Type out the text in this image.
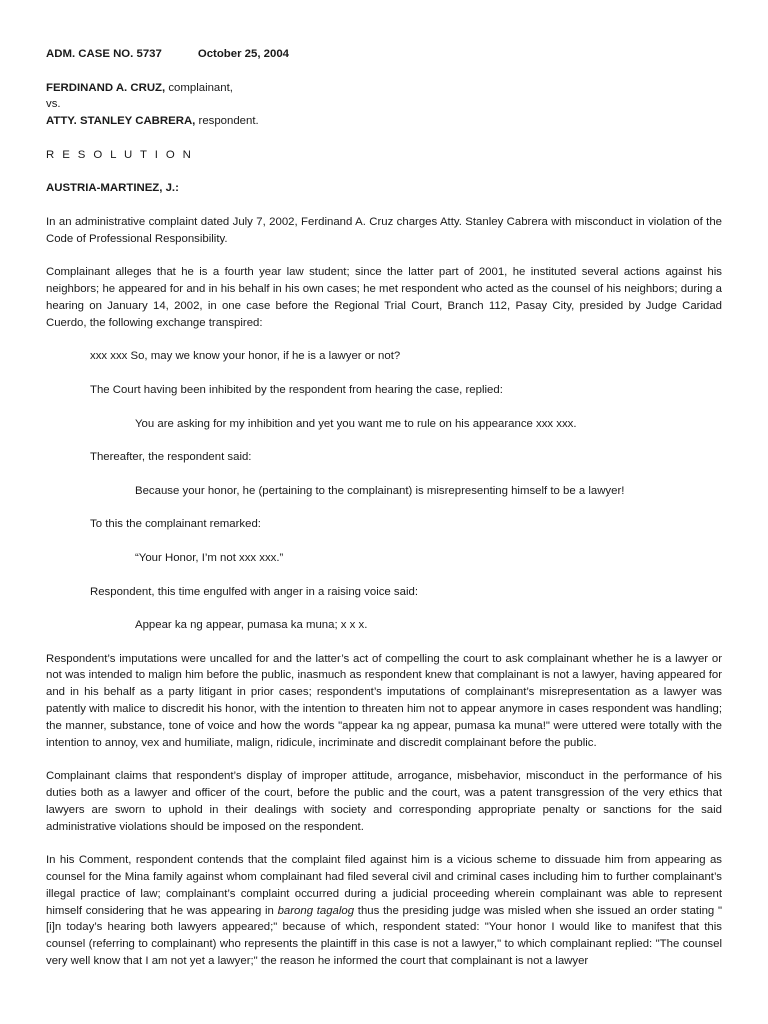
ADM. CASE NO. 5737	October 25, 2004

FERDINAND A. CRUZ, complainant,

vs.

ATTY. STANLEY CABRERA, respondent.

R E S O L U T I O N

AUSTRIA-MARTINEZ, J.:

In an administrative complaint dated July 7, 2002, Ferdinand A. Cruz charges Atty. Stanley Cabrera with misconduct in violation of the Code of Professional Responsibility.

Complainant alleges that he is a fourth year law student; since the latter part of 2001, he instituted several actions against his neighbors; he appeared for and in his behalf in his own cases; he met respondent who acted as the counsel of his neighbors; during a hearing on January 14, 2002, in one case before the Regional Trial Court, Branch 112, Pasay City, presided by Judge Caridad Cuerdo, the following exchange transpired:

xxx xxx So, may we know your honor, if he is a lawyer or not?

The Court having been inhibited by the respondent from hearing the case, replied:

You are asking for my inhibition and yet you want me to rule on his appearance xxx xxx.

Thereafter, the respondent said:

Because your honor, he (pertaining to the complainant) is misrepresenting himself to be a lawyer!

To this the complainant remarked:

“Your Honor, I’m not xxx xxx.”

Respondent, this time engulfed with anger in a raising voice said:

Appear ka ng appear, pumasa ka muna; x x x.

Respondent’s imputations were uncalled for and the latter’s act of compelling the court to ask complainant whether he is a lawyer or not was intended to malign him before the public, inasmuch as respondent knew that complainant is not a lawyer, having appeared for and in his behalf as a party litigant in prior cases; respondent’s imputations of complainant’s misrepresentation as a lawyer was patently with malice to discredit his honor, with the intention to threaten him not to appear anymore in cases respondent was handling; the manner, substance, tone of voice and how the words "appear ka ng appear, pumasa ka muna!" were uttered were totally with the intention to annoy, vex and humiliate, malign, ridicule, incriminate and discredit complainant before the public.

Complainant claims that respondent’s display of improper attitude, arrogance, misbehavior, misconduct in the performance of his duties both as a lawyer and officer of the court, before the public and the court, was a patent transgression of the very ethics that lawyers are sworn to uphold in their dealings with society and corresponding appropriate penalty or sanctions for the said administrative violations should be imposed on the respondent.

In his Comment, respondent contends that the complaint filed against him is a vicious scheme to dissuade him from appearing as counsel for the Mina family against whom complainant had filed several civil and criminal cases including him to further complainant’s illegal practice of law; complainant’s complaint occurred during a judicial proceeding wherein complainant was able to represent himself considering that he was appearing in barong tagalog thus the presiding judge was misled when she issued an order stating "[i]n today’s hearing both lawyers appeared;" because of which, respondent stated: "Your honor I would like to manifest that this counsel (referring to complainant) who represents the plaintiff in this case is not a lawyer," to which complainant replied: "The counsel very well know that I am not yet a lawyer;" the reason he informed the court that complainant is not a lawyer
